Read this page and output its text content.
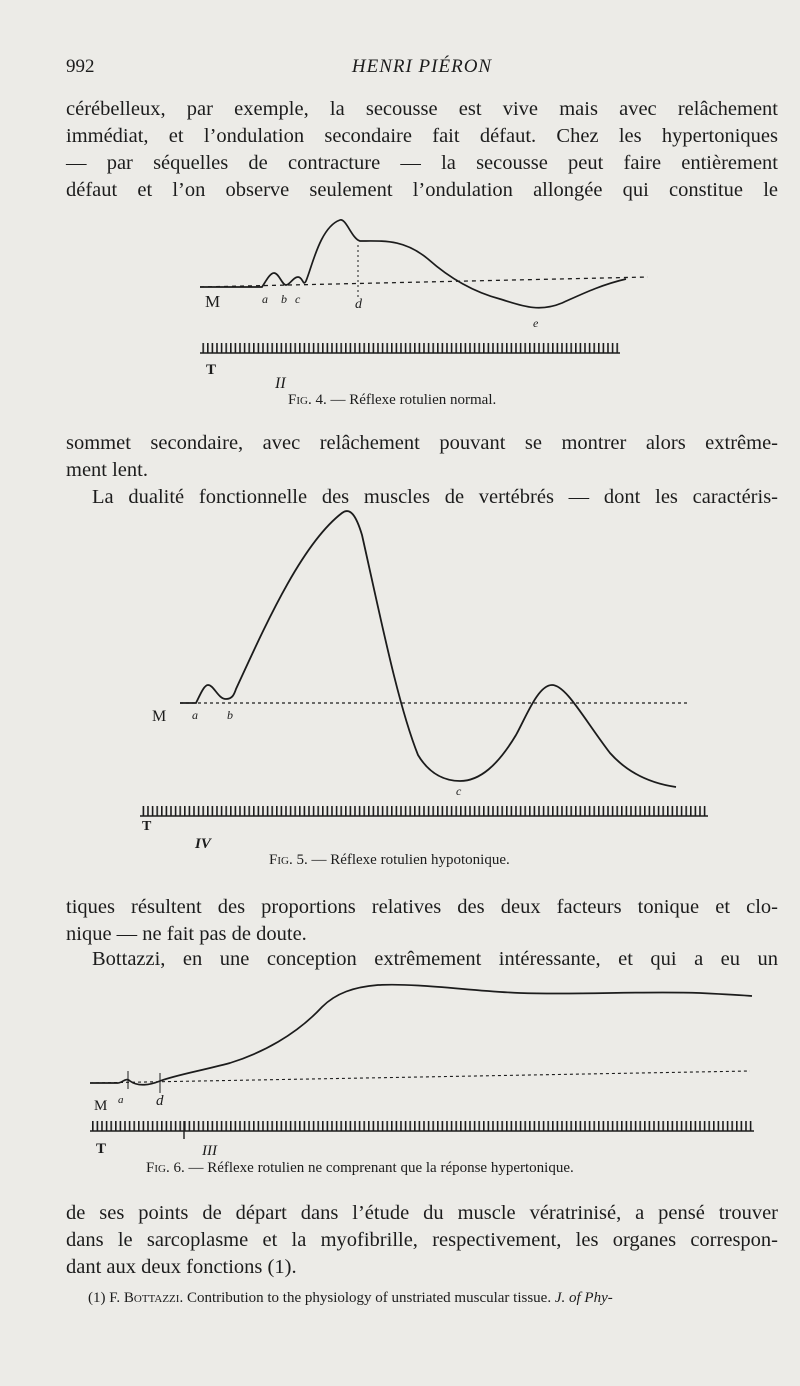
992	HENRI PIÉRON
cérébelleux, par exemple, la secousse est vive mais avec relâchement
immédiat, et l’ondulation secondaire fait défaut. Chez les hypertoniques
— par séquelles de contracture — la secousse peut faire entièrement
défaut et l’on observe seulement l’ondulation allongée qui constitue le
M	a b c	d
e
T
II
Fig. 4. — Réflexe rotulien normal.
sommet secondaire, avec relâchement pouvant se montrer alors extrême-
ment lent.
La dualité fonctionnelle des muscles de vertébrés — dont les caractéris-
M a b
c
T
IV
Fig. 5. — Réflexe rotulien hypotonique.
tiques résultent des proportions relatives des deux facteurs tonique et clo-
nique — ne fait pas de doute.
Bottazzi, en une conception extrêmement intéressante, et qui a eu un
M a d
T	III
Fig. 6. — Réflexe rotulien ne comprenant que la réponse hypertonique.
de ses points de départ dans l’étude du muscle vératrinisé, a pensé trouver
dans le sarcoplasme et la myofibrille, respectivement, les organes correspon-
dant aux deux fonctions (1).
(1) F. Bottazzi. Contribution to the physiology of unstriated muscular tissue. J. of Phy-
